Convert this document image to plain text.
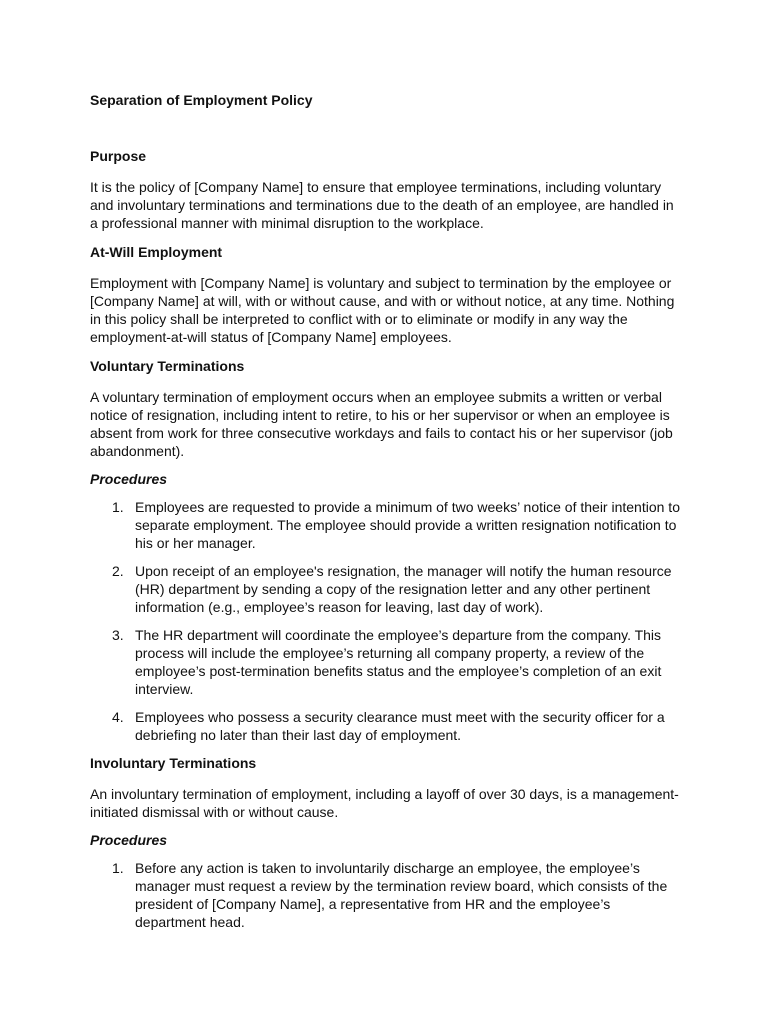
Separation of Employment Policy

Purpose

It is the policy of [Company Name] to ensure that employee terminations, including voluntary and involuntary terminations and terminations due to the death of an employee, are handled in a professional manner with minimal disruption to the workplace.

At-Will Employment

Employment with [Company Name] is voluntary and subject to termination by the employee or [Company Name] at will, with or without cause, and with or without notice, at any time. Nothing in this policy shall be interpreted to conflict with or to eliminate or modify in any way the employment-at-will status of [Company Name] employees.

Voluntary Terminations

A voluntary termination of employment occurs when an employee submits a written or verbal notice of resignation, including intent to retire, to his or her supervisor or when an employee is absent from work for three consecutive workdays and fails to contact his or her supervisor (job abandonment).

Procedures

1. Employees are requested to provide a minimum of two weeks’ notice of their intention to separate employment. The employee should provide a written resignation notification to his or her manager.
2. Upon receipt of an employee's resignation, the manager will notify the human resource (HR) department by sending a copy of the resignation letter and any other pertinent information (e.g., employee’s reason for leaving, last day of work).
3. The HR department will coordinate the employee’s departure from the company. This process will include the employee’s returning all company property, a review of the employee’s post-termination benefits status and the employee’s completion of an exit interview.
4. Employees who possess a security clearance must meet with the security officer for a debriefing no later than their last day of employment.

Involuntary Terminations

An involuntary termination of employment, including a layoff of over 30 days, is a management-initiated dismissal with or without cause.

Procedures

1. Before any action is taken to involuntarily discharge an employee, the employee’s manager must request a review by the termination review board, which consists of the president of [Company Name], a representative from HR and the employee’s department head.
